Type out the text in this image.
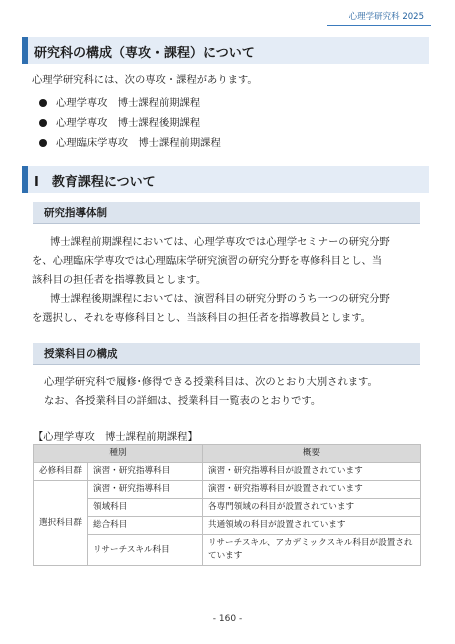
心理学研究科 2025
研究科の構成（専攻・課程）について
心理学研究科には、次の専攻・課程があります。
心理学専攻　博士課程前期課程
心理学専攻　博士課程後期課程
心理臨床学専攻　博士課程前期課程
Ⅰ　教育課程について
研究指導体制
博士課程前期課程においては、心理学専攻では心理学セミナーの研究分野
を、心理臨床学専攻では心理臨床学研究演習の研究分野を専修科目とし、当
該科目の担任者を指導教員とします。
博士課程後期課程においては、演習科目の研究分野のうち一つの研究分野
を選択し、それを専修科目とし、当該科目の担任者を指導教員とします。
授業科目の構成
心理学研究科で履修･修得できる授業科目は、次のとおり大別されます。
なお、各授業科目の詳細は、授業科目一覧表のとおりです。
【心理学専攻　博士課程前期課程】
種別		概要
必修科目群	演習・研究指導科目	演習・研究指導科目が設置されています
選択科目群	演習・研究指導科目	演習・研究指導科目が設置されています
	領域科目	各専門領域の科目が設置されています
	総合科目	共通領域の科目が設置されています
	リサーチスキル科目	リサーチスキル、アカデミックスキル科目が設置されています
- 160 -
